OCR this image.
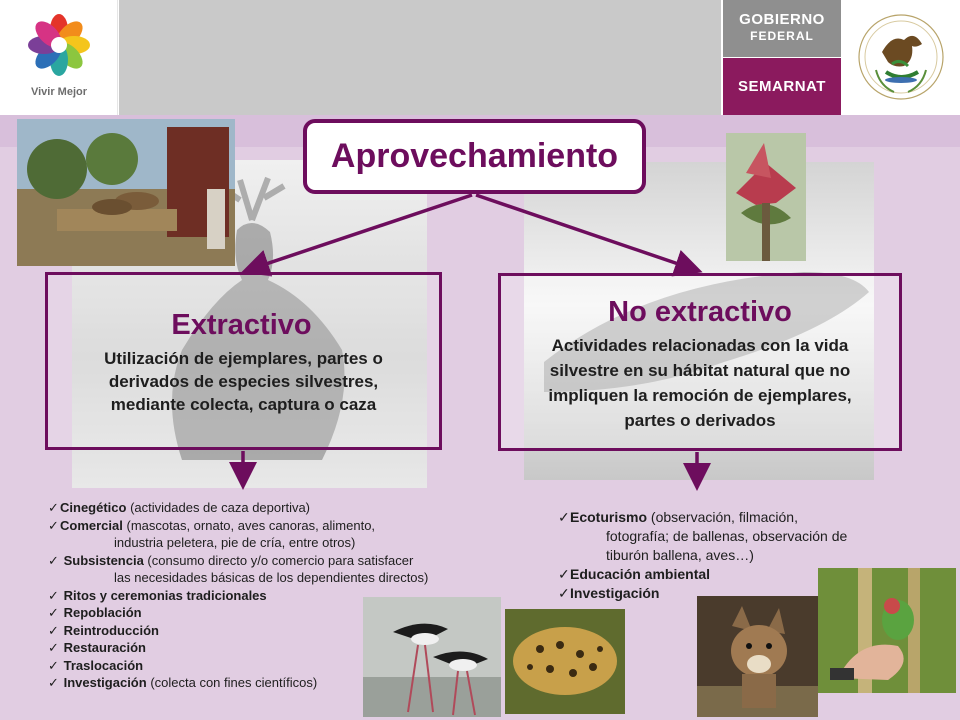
Vivir Mejor
GOBIERNO
FEDERAL
SEMARNAT
Aprovechamiento
Extractivo
Utilización de ejemplares, partes o
derivados de especies silvestres,
mediante colecta, captura o caza
No extractivo
Actividades relacionadas con la vida
silvestre en su hábitat natural que no
impliquen la remoción de ejemplares,
partes o derivados
✓Cinegético (actividades de caza deportiva)
✓Comercial (mascotas, ornato, aves canoras, alimento,
industria peletera, pie de cría, entre otros)
✓ Subsistencia (consumo directo y/o comercio para satisfacer
las necesidades básicas de los dependientes directos)
✓ Ritos y ceremonias tradicionales
✓ Repoblación
✓ Reintroducción
✓ Restauración
✓ Traslocación
✓ Investigación (colecta con fines científicos)
✓Ecoturismo (observación, filmación,
fotografía; de ballenas, observación de
tiburón ballena, aves…)
✓Educación ambiental
✓Investigación
